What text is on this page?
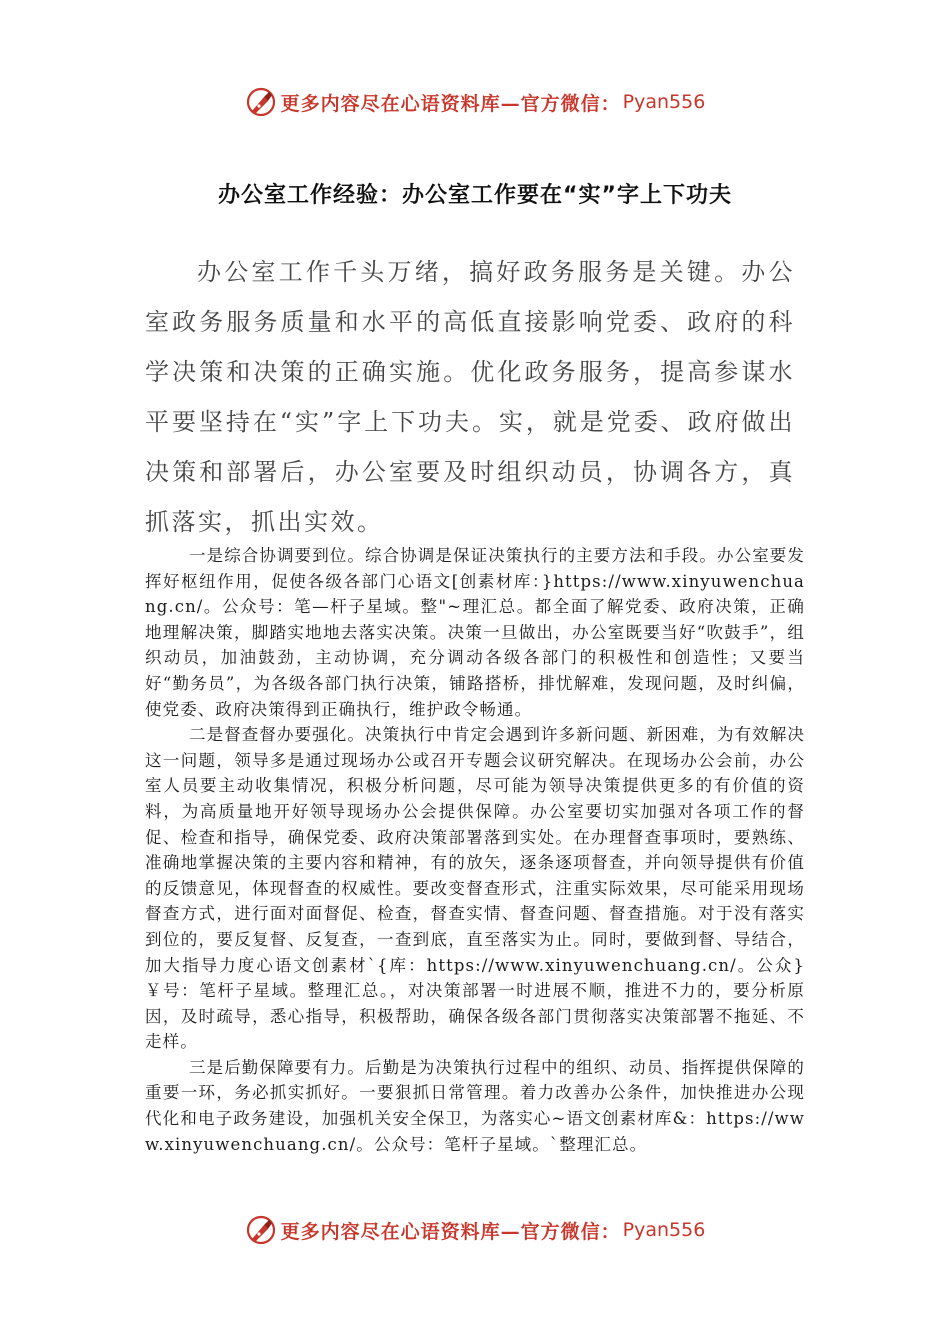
更多内容尽在心语资料库—官方微信： Pyan556
办公室工作经验：办公室工作要在“实”字上下功夫

办公室工作千头万绪，搞好政务服务是关键。办公室政务服务质量和水平的高低直接影响党委、政府的科学决策和决策的正确实施。优化政务服务，提高参谋水平要坚持在“实”字上下功夫。实，就是党委、政府做出决策和部署后，办公室要及时组织动员，协调各方，真抓落实，抓出实效。

一是综合协调要到位。综合协调是保证决策执行的主要方法和手段。办公室要发挥好枢纽作用，促使各级各部门心语文[创素材库：}https://www.xinyuwenchuang.cn/。公众号：笔—杆子星域。整"~理汇总。都全面了解党委、政府决策，正确地理解决策，脚踏实地地去落实决策。决策一旦做出，办公室既要当好“吹鼓手”，组织动员，加油鼓劲，主动协调，充分调动各级各部门的积极性和创造性；又要当好“勤务员”，为各级各部门执行决策，铺路搭桥，排忧解难，发现问题，及时纠偏，使党委、政府决策得到正确执行，维护政令畅通。

二是督查督办要强化。决策执行中肯定会遇到许多新问题、新困难，为有效解决这一问题，领导多是通过现场办公或召开专题会议研究解决。在现场办公会前，办公室人员要主动收集情况，积极分析问题，尽可能为领导决策提供更多的有价值的资料，为高质量地开好领导现场办公会提供保障。办公室要切实加强对各项工作的督促、检查和指导，确保党委、政府决策部署落到实处。在办理督查事项时，要熟练、准确地掌握决策的主要内容和精神，有的放矢，逐条逐项督查，并向领导提供有价值的反馈意见，体现督查的权威性。要改变督查形式，注重实际效果，尽可能采用现场督查方式，进行面对面督促、检查，督查实情、督查问题、督查措施。对于没有落实到位的，要反复督、反复查，一查到底，直至落实为止。同时，要做到督、导结合，加大指导力度心语文创素材`{库：https://www.xinyuwenchuang.cn/。公众}￥号：笔杆子星域。整理汇总。，对决策部署一时进展不顺，推进不力的，要分析原因，及时疏导，悉心指导，积极帮助，确保各级各部门贯彻落实决策部署不拖延、不走样。

三是后勤保障要有力。后勤是为决策执行过程中的组织、动员、指挥提供保障的重要一环，务必抓实抓好。一要狠抓日常管理。着力改善办公条件，加快推进办公现代化和电子政务建设，加强机关安全保卫，为落实心~语文创素材库&：https://www.xinyuwenchuang.cn/。公众号：笔杆子星域。`整理汇总。

更多内容尽在心语资料库—官方微信： Pyan556
